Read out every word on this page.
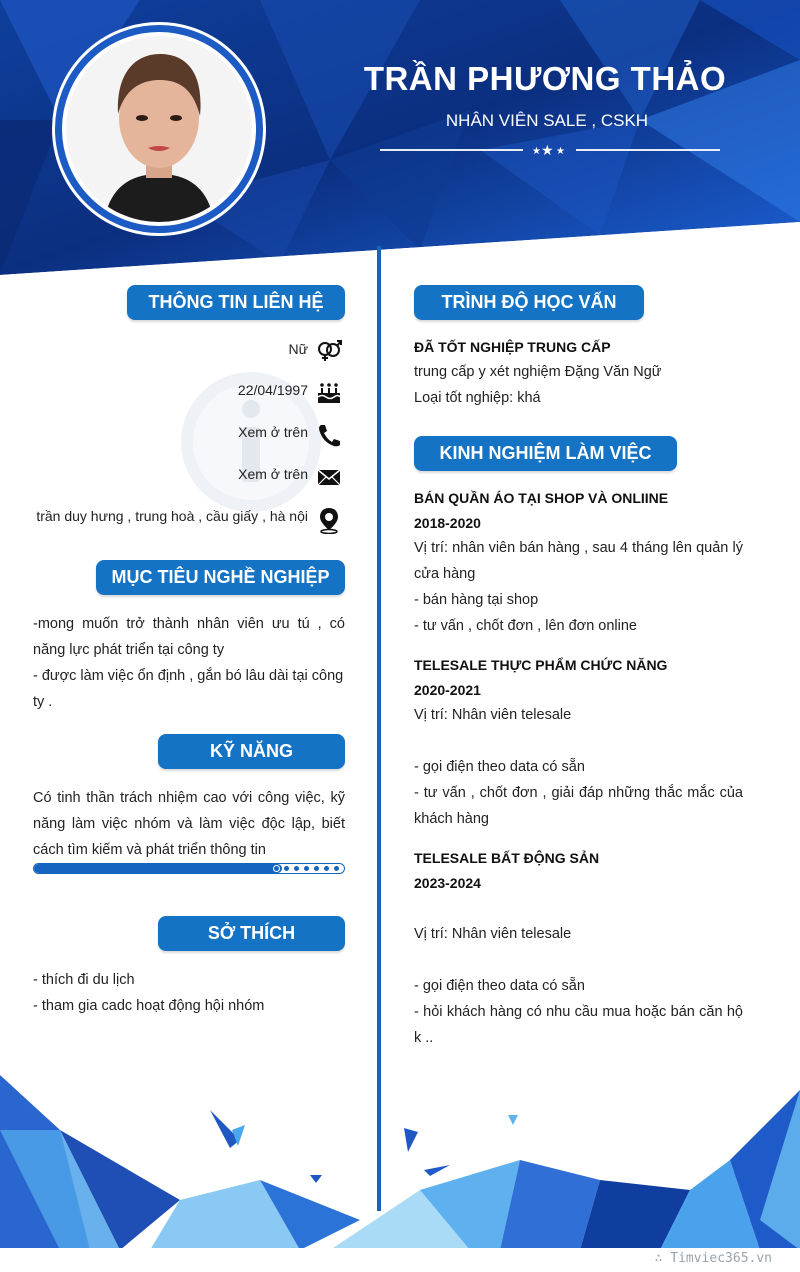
TRẦN PHƯƠNG THẢO
NHÂN VIÊN SALE , CSKH
★ ★ ★
THÔNG TIN LIÊN HỆ
Nữ
22/04/1997
Xem ở trên
Xem ở trên
trần duy hưng , trung hoà , cầu giấy , hà nội
MỤC TIÊU NGHỀ NGHIỆP
-mong muốn trở thành nhân viên ưu tú , có năng lực phát triển tại công ty
- được làm việc ổn định , gắn bó lâu dài tại công ty .
KỸ NĂNG
Có tinh thần trách nhiệm cao với công việc, kỹ năng làm việc nhóm và làm việc độc lập, biết cách tìm kiếm và phát triển thông tin
SỞ THÍCH
- thích đi du lịch
- tham gia cadc hoạt động hội nhóm
TRÌNH ĐỘ HỌC VẤN
ĐÃ TỐT NGHIỆP TRUNG CẤP
trung cấp y xét nghiệm Đặng Văn Ngữ
Loại tốt nghiệp: khá
KINH NGHIỆM LÀM VIỆC
BÁN QUẦN ÁO TẠI SHOP VÀ ONLIINE
2018-2020
Vị trí: nhân viên bán hàng , sau 4 tháng lên quản lý cửa hàng
- bán hàng tại shop
- tư vấn , chốt đơn , lên đơn online
TELESALE THỰC PHẨM CHỨC NĂNG
2020-2021
Vị trí: Nhân viên telesale
- gọi điện theo data có sẵn
- tư vấn , chốt đơn , giải đáp những thắc mắc của khách hàng
TELESALE BẤT ĐỘNG SẢN
2023-2024
Vị trí: Nhân viên telesale
- gọi điện theo data có sẵn
- hỏi khách hàng có nhu cầu mua hoặc bán căn hộ k ..
∴ Timviec365.vn
